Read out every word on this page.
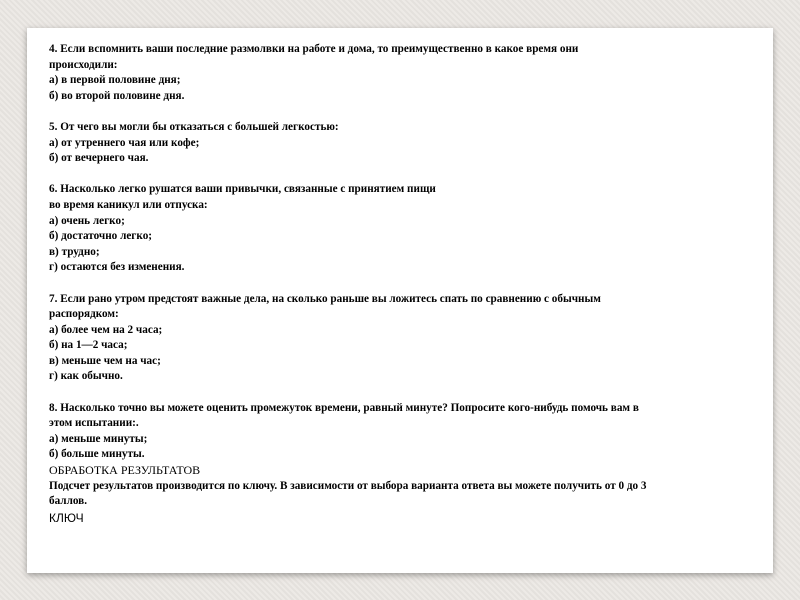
4. Если вспомнить ваши последние размолвки на работе и дома, то преимущественно в какое время они
происходили:
а) в первой половине дня;
б) во второй половине дня.
5. От чего вы могли бы отказаться с большей легкостью:
а) от утреннего чая или кофе;
б) от вечернего чая.
6. Насколько легко рушатся ваши привычки, связанные с принятием пищи
во время каникул или отпуска:
а) очень легко;
б) достаточно легко;
в) трудно;
г) остаются без изменения.
7. Если рано утром предстоят важные дела, на сколько раньше вы ложитесь спать по сравнению с обычным
распорядком:
а) более чем на 2 часа;
б) на 1—2 часа;
в) меньше чем на час;
г) как обычно.
8. Насколько точно вы можете оценить промежуток времени, равный минуте? Попросите кого-нибудь помочь вам в
этом испытании:.
а) меньше минуты;
б) больше минуты.
ОБРАБОТКА РЕЗУЛЬТАТОВ
Подсчет результатов производится по ключу. В зависимости от выбора варианта ответа вы можете получить от 0 до 3
баллов.
КЛЮЧ
